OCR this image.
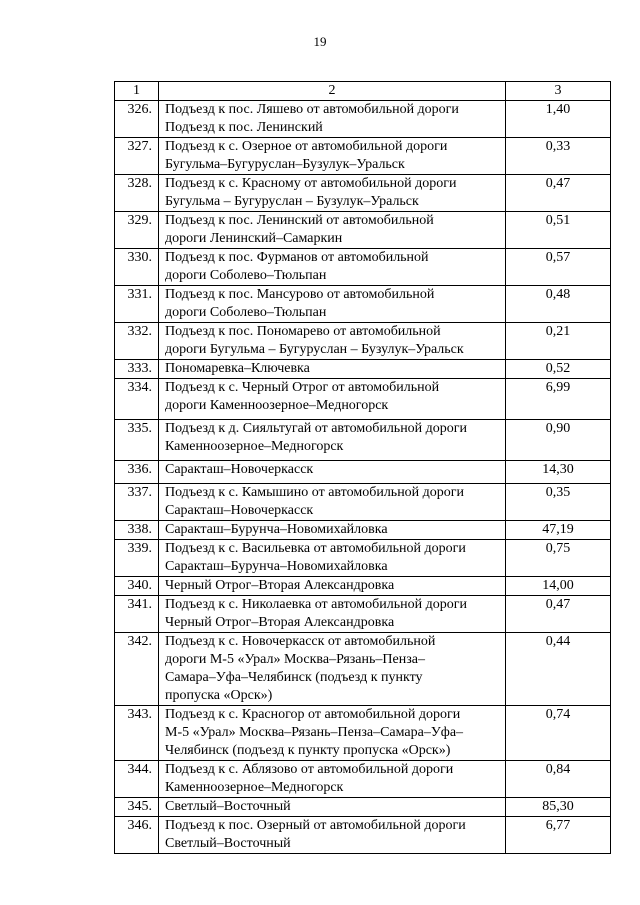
19
1	2	3
326.	Подъезд к пос. Ляшево от автомобильной дороги
Подъезд к пос. Ленинский	1,40
327.	Подъезд к с. Озерное от автомобильной дороги
Бугульма–Бугуруслан–Бузулук–Уральск	0,33
328.	Подъезд к с. Красному от автомобильной дороги
Бугульма – Бугуруслан – Бузулук–Уральск	0,47
329.	Подъезд к пос. Ленинский от автомобильной
дороги Ленинский–Самаркин	0,51
330.	Подъезд к пос. Фурманов от автомобильной
дороги Соболево–Тюльпан	0,57
331.	Подъезд к пос. Мансурово от автомобильной
дороги Соболево–Тюльпан	0,48
332.	Подъезд к пос. Пономарево от автомобильной
дороги Бугульма – Бугуруслан – Бузулук–Уральск	0,21
333.	Пономаревка–Ключевка	0,52
334.	Подъезд к с. Черный Отрог от автомобильной
дороги Каменноозерное–Медногорск	6,99
335.	Подъезд к д. Сияльтугай от автомобильной дороги
Каменноозерное–Медногорск	0,90
336.	Саракташ–Новочеркасск	14,30
337.	Подъезд к с. Камышино от автомобильной дороги
Саракташ–Новочеркасск	0,35
338.	Саракташ–Бурунча–Новомихайловка	47,19
339.	Подъезд к с. Васильевка от автомобильной дороги
Саракташ–Бурунча–Новомихайловка	0,75
340.	Черный Отрог–Вторая Александровка	14,00
341.	Подъезд к с. Николаевка от автомобильной дороги
Черный Отрог–Вторая Александровка	0,47
342.	Подъезд к с. Новочеркасск от автомобильной
дороги М-5 «Урал» Москва–Рязань–Пенза–
Самара–Уфа–Челябинск (подъезд к пункту
пропуска «Орск»)	0,44
343.	Подъезд к с. Красногор от автомобильной дороги
М-5 «Урал» Москва–Рязань–Пенза–Самара–Уфа–
Челябинск (подъезд к пункту пропуска «Орск»)	0,74
344.	Подъезд к с. Аблязово от автомобильной дороги
Каменноозерное–Медногорск	0,84
345.	Светлый–Восточный	85,30
346.	Подъезд к пос. Озерный от автомобильной дороги
Светлый–Восточный	6,77
